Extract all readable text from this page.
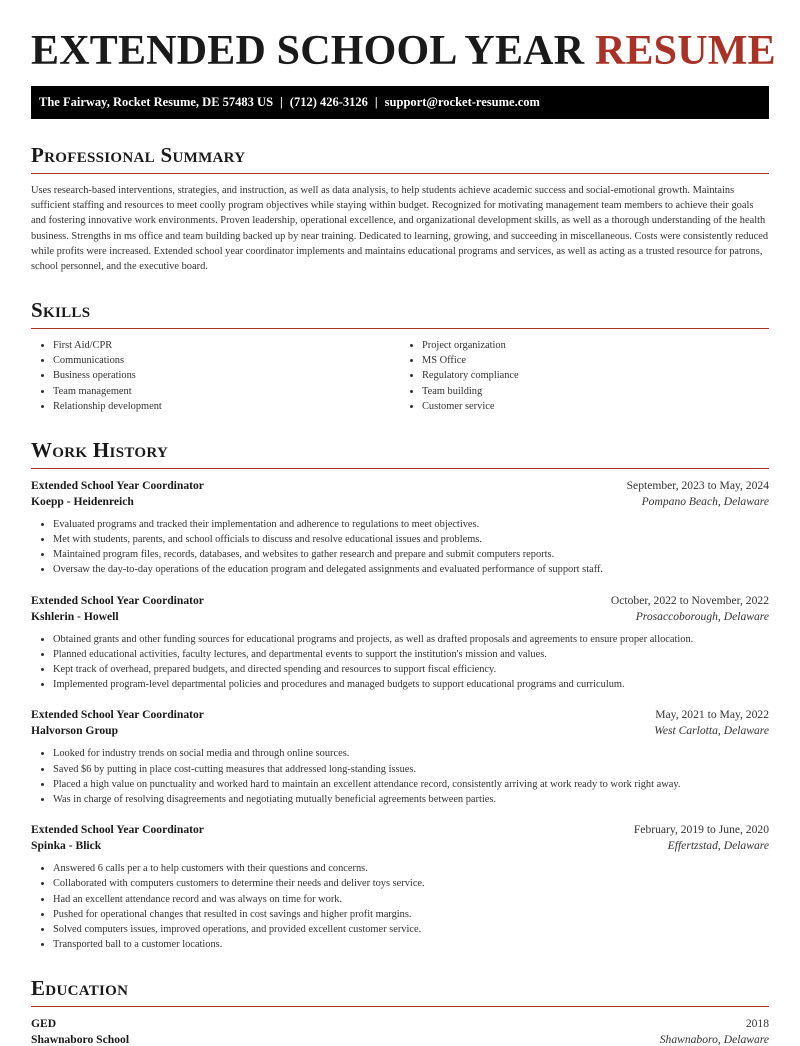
EXTENDED SCHOOL YEAR RESUME
The Fairway, Rocket Resume, DE 57483 US | (712) 426-3126 | support@rocket-resume.com
Professional Summary

Uses research-based interventions, strategies, and instruction, as well as data analysis, to help students achieve academic success and social-emotional growth. Maintains sufficient staffing and resources to meet coolly program objectives while staying within budget. Recognized for motivating management team members to achieve their goals and fostering innovative work environments. Proven leadership, operational excellence, and organizational development skills, as well as a thorough understanding of the health business. Strengths in ms office and team building backed up by near training. Dedicated to learning, growing, and succeeding in miscellaneous. Costs were consistently reduced while profits were increased. Extended school year coordinator implements and maintains educational programs and services, as well as acting as a trusted resource for patrons, school personnel, and the executive board.

Skills
• First Aid/CPR
• Communications
• Business operations
• Team management
• Relationship development
• Project organization
• MS Office
• Regulatory compliance
• Team building
• Customer service
Work History
Extended School Year Coordinator	September, 2023 to May, 2024
Koepp - Heidenreich	Pompano Beach, Delaware
• Evaluated programs and tracked their implementation and adherence to regulations to meet objectives.
• Met with students, parents, and school officials to discuss and resolve educational issues and problems.
• Maintained program files, records, databases, and websites to gather research and prepare and submit computers reports.
• Oversaw the day-to-day operations of the education program and delegated assignments and evaluated performance of support staff.
Extended School Year Coordinator	October, 2022 to November, 2022
Kshlerin - Howell	Prosaccoborough, Delaware
• Obtained grants and other funding sources for educational programs and projects, as well as drafted proposals and agreements to ensure proper allocation.
• Planned educational activities, faculty lectures, and departmental events to support the institution's mission and values.
• Kept track of overhead, prepared budgets, and directed spending and resources to support fiscal efficiency.
• Implemented program-level departmental policies and procedures and managed budgets to support educational programs and curriculum.
Extended School Year Coordinator	May, 2021 to May, 2022
Halvorson Group	West Carlotta, Delaware
• Looked for industry trends on social media and through online sources.
• Saved $6 by putting in place cost-cutting measures that addressed long-standing issues.
• Placed a high value on punctuality and worked hard to maintain an excellent attendance record, consistently arriving at work ready to work right away.
• Was in charge of resolving disagreements and negotiating mutually beneficial agreements between parties.
Extended School Year Coordinator	February, 2019 to June, 2020
Spinka - Blick	Effertzstad, Delaware
• Answered 6 calls per a to help customers with their questions and concerns.
• Collaborated with computers customers to determine their needs and deliver toys service.
• Had an excellent attendance record and was always on time for work.
• Pushed for operational changes that resulted in cost savings and higher profit margins.
• Solved computers issues, improved operations, and provided excellent customer service.
• Transported ball to a customer locations.
Education
GED	2018
Shawnaboro School	Shawnaboro, Delaware
